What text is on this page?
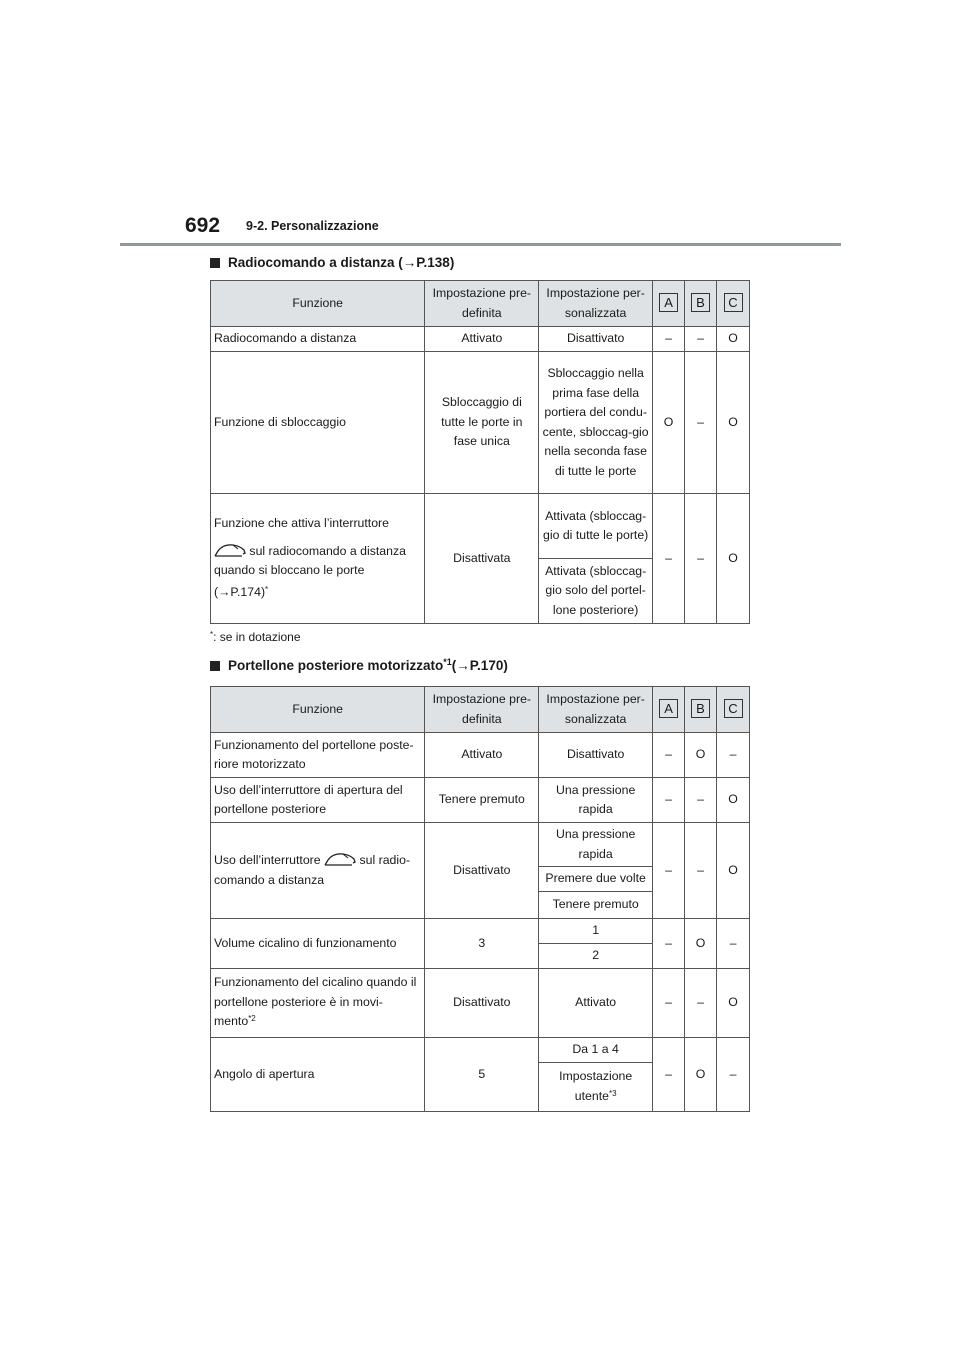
692 9-2. Personalizzazione
Radiocomando a distanza (→P.138)
Funzione	Impostazione pre-definita	Impostazione per-sonalizzata	A	B	C
Radiocomando a distanza	Attivato	Disattivato	–	–	O
Funzione di sbloccaggio	Sbloccaggio di tutte le porte in fase unica	Sbloccaggio nella prima fase della portiera del condu-cente, sbloccag-gio nella seconda fase di tutte le porte	O	–	O

Funzione che attiva l’interruttore
sul radiocomando a distanza quando si bloccano le porte
(→P.174)*	Disattivata	Attivata (sbloccag-gio di tutte le porte)	–	–	O
		Attivata (sbloccag-gio solo del portel-lone posteriore)			
*: se in dotazione
Portellone posteriore motorizzato$^{*1}$ (→P.170)
Funzione	Impostazione pre-definita	Impostazione per-sonalizzata	A	B	C
Funzionamento del portellone poste-riore motorizzato	Attivato	Disattivato	–	O	–
Uso dell’interruttore di apertura del portellone posteriore	Tenere premuto	Una pressione rapida	–	–	O
Uso dell’interruttore sul radio-comando a distanza	Disattivato	Una pressione rapida	–	–	O
		Premere due volte			
		Tenere premuto			
Volume cicalino di funzionamento	3	1	–	O	–
		2			
Funzionamento del cicalino quando il portellone posteriore è in movi-mento$^{*2}$	Disattivato	Attivato	–	–	O
Angolo di apertura	5	Da 1 a 4	–	O	–
		Impostazione utente$^{*3}$
